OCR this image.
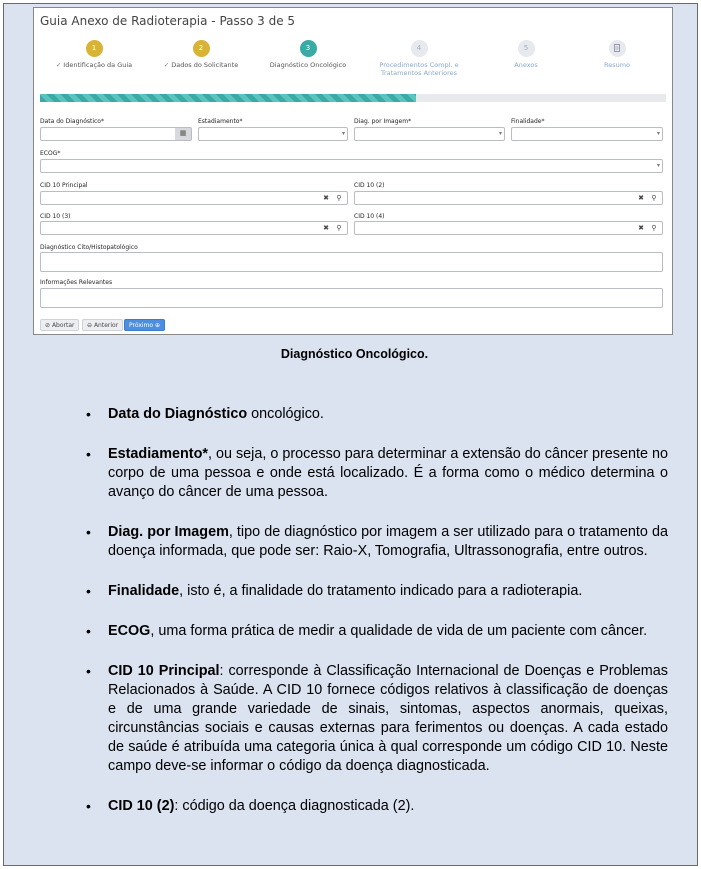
Guia Anexo de Radioterapia - Passo 3 de 5
1
✓ Identificação da Guia
2
✓ Dados do Solicitante
3
Diagnóstico Oncológico
4
Procedimentos Compl. e Tratamentos Anteriores
5
Anexos	Resumo
Data do Diagnóstico*
▦
Estadiamento*
▾
Diag. por Imagem*
▾
Finalidade*
▾
ECOG*
▾
CID 10 Principal
✖	⚲
CID 10 (2)
✖	⚲
CID 10 (3)
✖	⚲
CID 10 (4)
✖	⚲
Diagnóstico Cito/Histopatológico
Informações Relevantes
⊘ Abortar	⊖ Anterior	Próximo ⊕
Diagnóstico Oncológico.
• Data do Diagnóstico oncológico.
• Estadiamento*, ou seja, o processo para determinar a extensão do câncer presente no corpo de uma pessoa e onde está localizado. É a forma como o médico determina o avanço do câncer de uma pessoa.
• Diag. por Imagem, tipo de diagnóstico por imagem a ser utilizado para o tratamento da doença informada, que pode ser: Raio-X, Tomografia, Ultrassonografia, entre outros.
• Finalidade, isto é, a finalidade do tratamento indicado para a radioterapia.
• ECOG, uma forma prática de medir a qualidade de vida de um paciente com câncer.
• CID 10 Principal: corresponde à Classificação Internacional de Doenças e Problemas Relacionados à Saúde. A CID 10 fornece códigos relativos à classificação de doenças e de uma grande variedade de sinais, sintomas, aspectos anormais, queixas, circunstâncias sociais e causas externas para ferimentos ou doenças. A cada estado de saúde é atribuída uma categoria única à qual corresponde um código CID 10. Neste campo deve-se informar o código da doença diagnosticada.
• CID 10 (2): código da doença diagnosticada (2).
